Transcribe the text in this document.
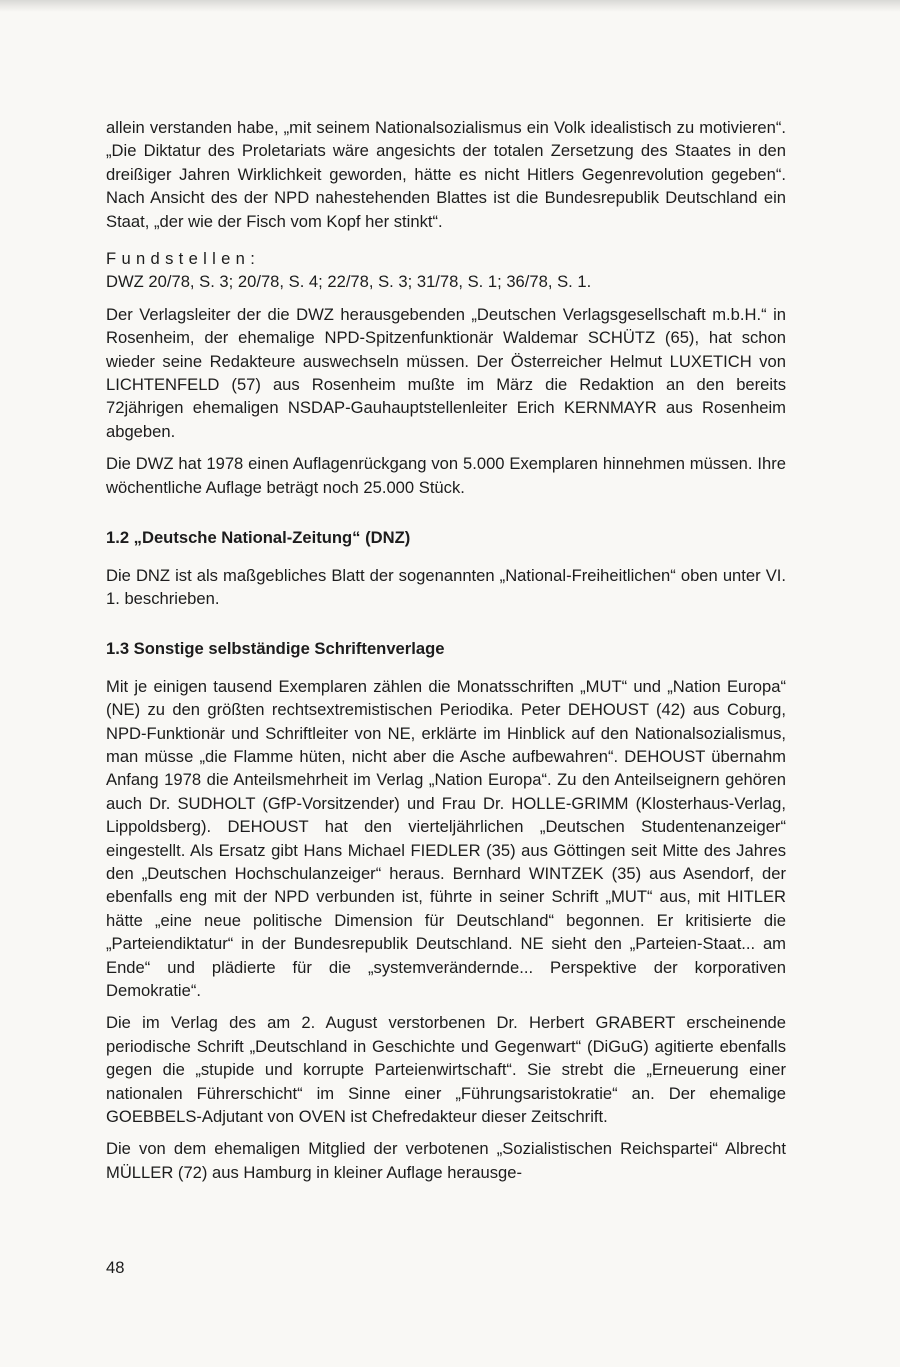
allein verstanden habe, „mit seinem Nationalsozialismus ein Volk idealistisch zu motivieren“. „Die Diktatur des Proletariats wäre angesichts der totalen Zersetzung des Staates in den dreißiger Jahren Wirklichkeit geworden, hätte es nicht Hitlers Gegenrevolution gegeben“. Nach Ansicht des der NPD nahestehenden Blattes ist die Bundesrepublik Deutschland ein Staat, „der wie der Fisch vom Kopf her stinkt“.

Fundstellen:

DWZ 20/78, S. 3; 20/78, S. 4; 22/78, S. 3; 31/78, S. 1; 36/78, S. 1.

Der Verlagsleiter der die DWZ herausgebenden „Deutschen Verlagsgesellschaft m.b.H.“ in Rosenheim, der ehemalige NPD-Spitzenfunktionär Waldemar SCHÜTZ (65), hat schon wieder seine Redakteure auswechseln müssen. Der Österreicher Helmut LUXETICH von LICHTENFELD (57) aus Rosenheim mußte im März die Redaktion an den bereits 72jährigen ehemaligen NSDAP-Gauhauptstellenleiter Erich KERNMAYR aus Rosenheim abgeben.

Die DWZ hat 1978 einen Auflagenrückgang von 5.000 Exemplaren hinnehmen müssen. Ihre wöchentliche Auflage beträgt noch 25.000 Stück.

1.2 „Deutsche National-Zeitung“ (DNZ)

Die DNZ ist als maßgebliches Blatt der sogenannten „National-Freiheitlichen“ oben unter VI. 1. beschrieben.

1.3 Sonstige selbständige Schriftenverlage

Mit je einigen tausend Exemplaren zählen die Monatsschriften „MUT“ und „Nation Europa“ (NE) zu den größten rechtsextremistischen Periodika. Peter DEHOUST (42) aus Coburg, NPD-Funktionär und Schriftleiter von NE, erklärte im Hinblick auf den Nationalsozialismus, man müsse „die Flamme hüten, nicht aber die Asche aufbewahren“. DEHOUST übernahm Anfang 1978 die Anteilsmehrheit im Verlag „Nation Europa“. Zu den Anteilseignern gehören auch Dr. SUDHOLT (GfP-Vorsitzender) und Frau Dr. HOLLE-GRIMM (Klosterhaus-Verlag, Lippoldsberg). DEHOUST hat den vierteljährlichen „Deutschen Studentenanzeiger“ eingestellt. Als Ersatz gibt Hans Michael FIEDLER (35) aus Göttingen seit Mitte des Jahres den „Deutschen Hochschulanzeiger“ heraus. Bernhard WINTZEK (35) aus Asendorf, der ebenfalls eng mit der NPD verbunden ist, führte in seiner Schrift „MUT“ aus, mit HITLER hätte „eine neue politische Dimension für Deutschland“ begonnen. Er kritisierte die „Parteiendiktatur“ in der Bundesrepublik Deutschland. NE sieht den „Parteien-Staat... am Ende“ und plädierte für die „systemverändernde... Perspektive der korporativen Demokratie“.

Die im Verlag des am 2. August verstorbenen Dr. Herbert GRABERT erscheinende periodische Schrift „Deutschland in Geschichte und Gegenwart“ (DiGuG) agitierte ebenfalls gegen die „stupide und korrupte Parteienwirtschaft“. Sie strebt die „Erneuerung einer nationalen Führerschicht“ im Sinne einer „Führungsaristokratie“ an. Der ehemalige GOEBBELS-Adjutant von OVEN ist Chefredakteur dieser Zeitschrift.

Die von dem ehemaligen Mitglied der verbotenen „Sozialistischen Reichspartei“ Albrecht MÜLLER (72) aus Hamburg in kleiner Auflage herausge-

48
